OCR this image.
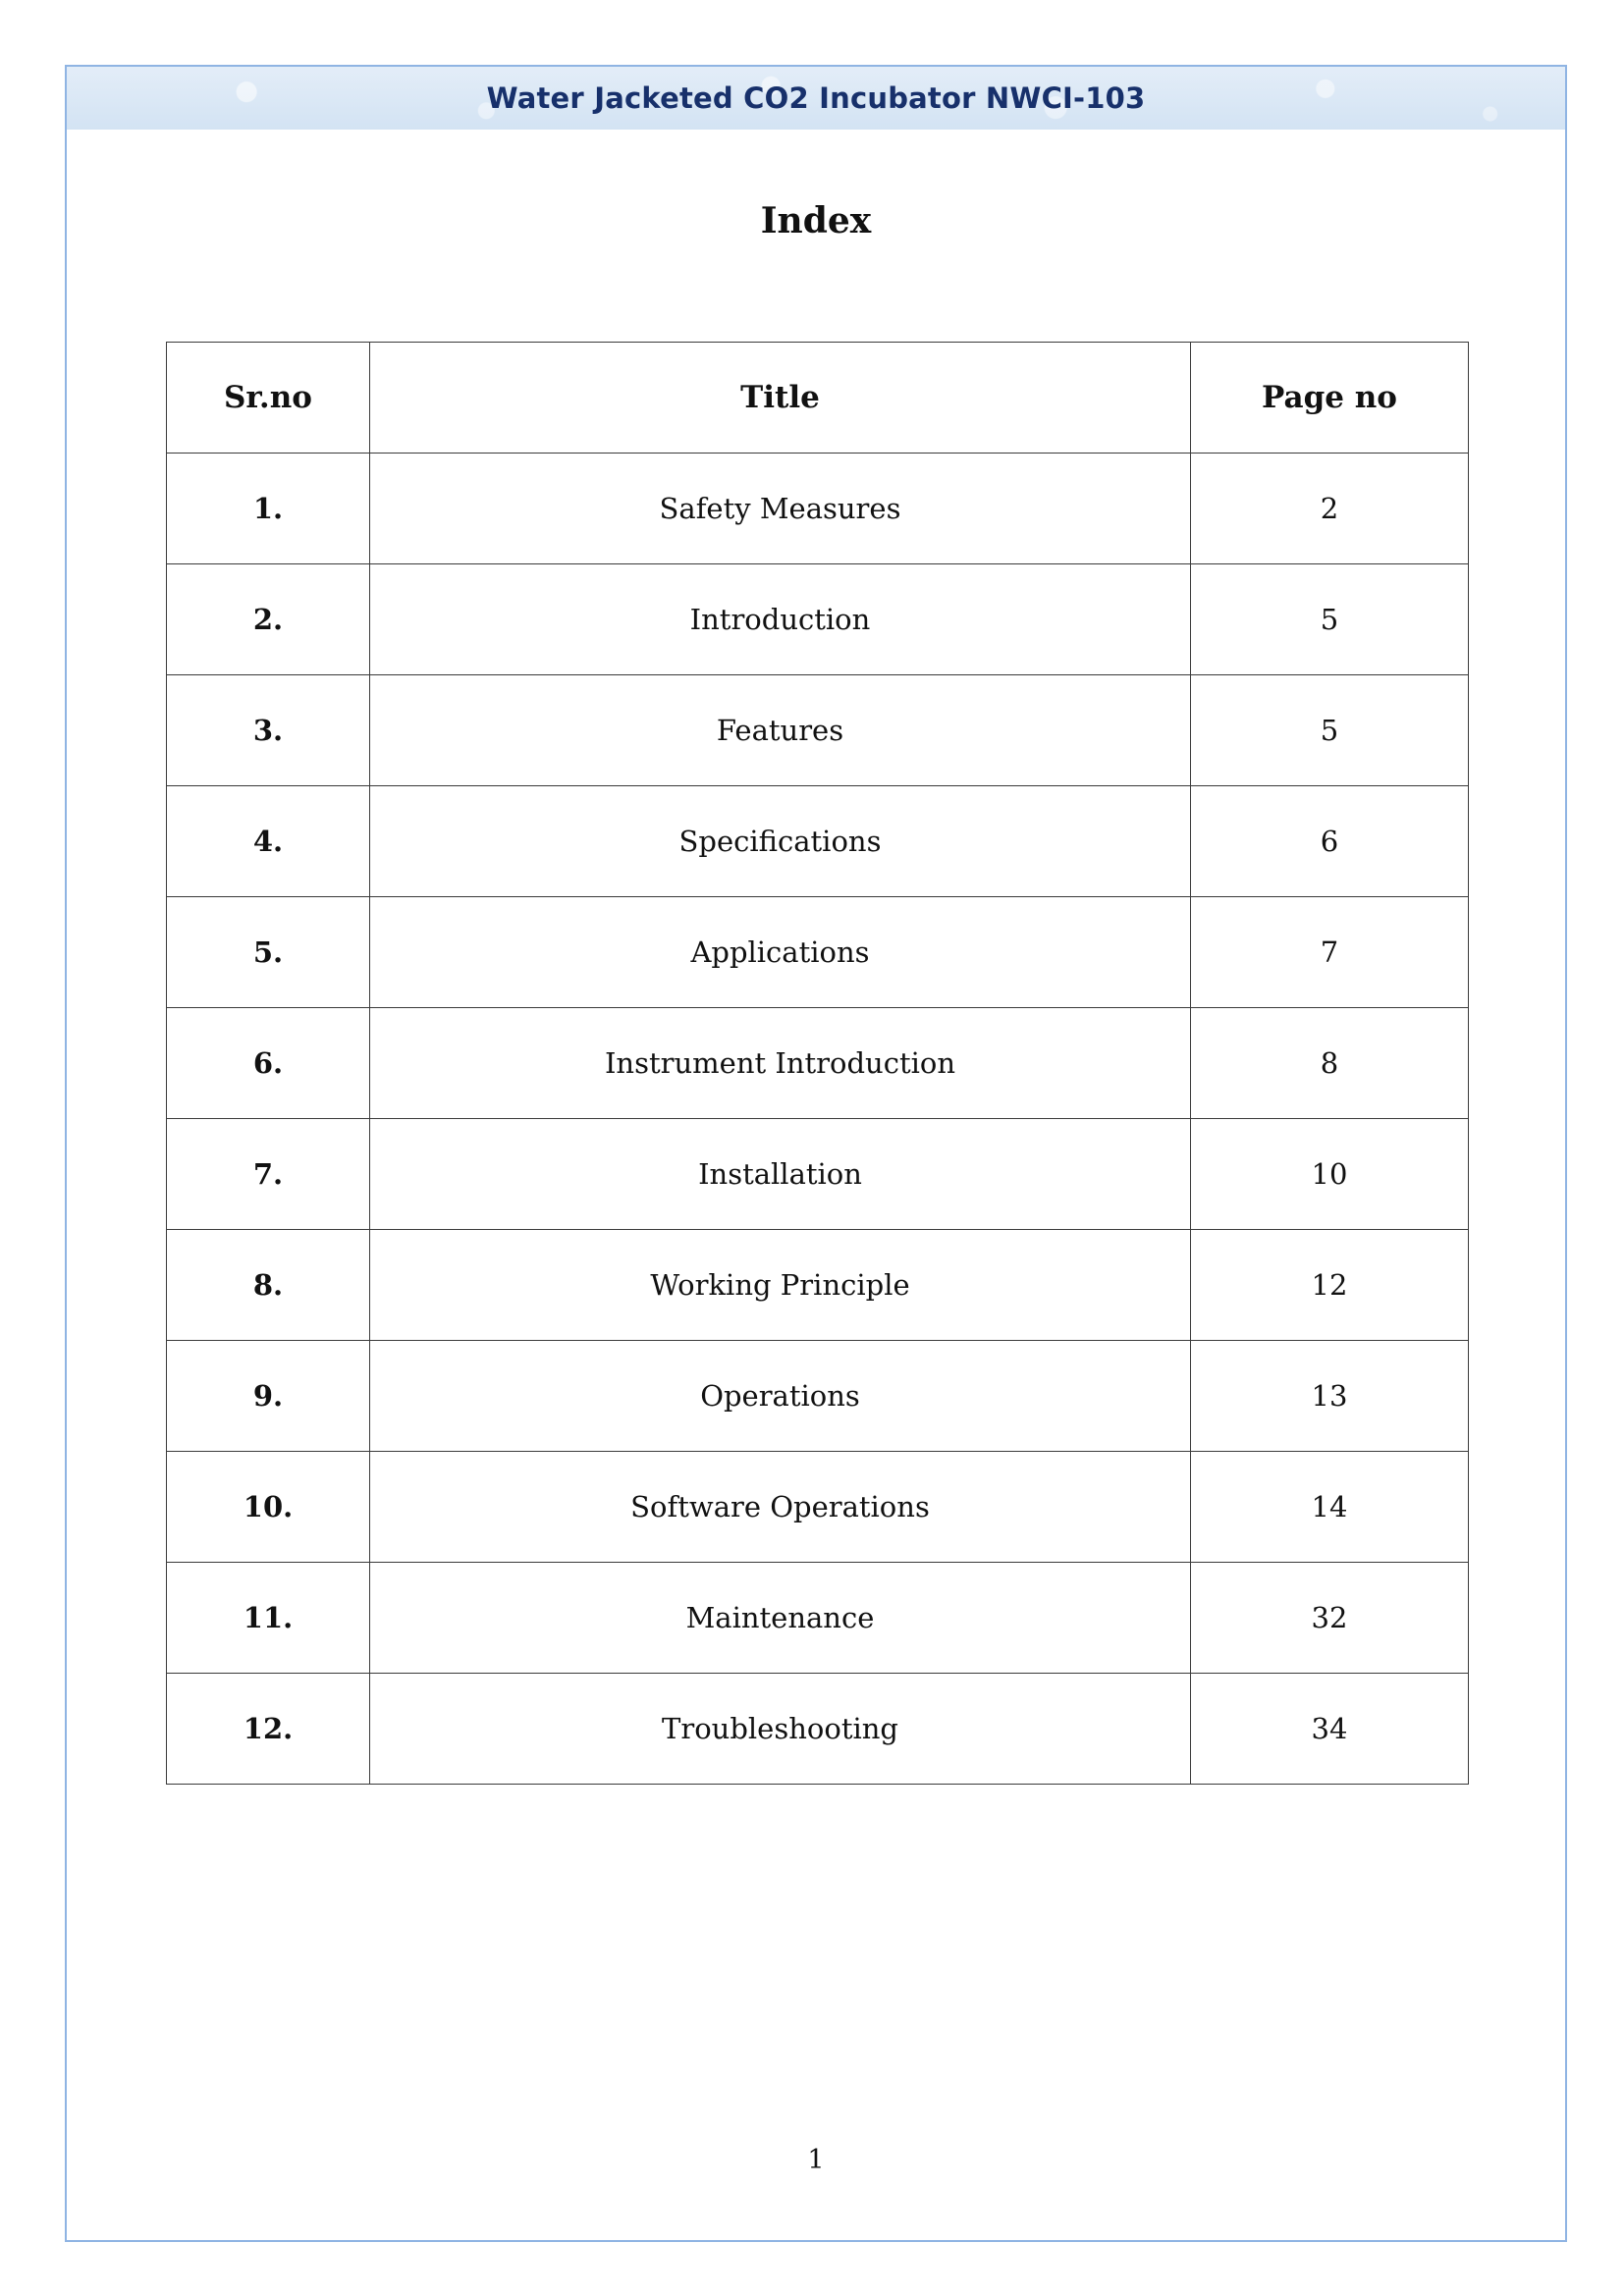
Water Jacketed CO2 Incubator NWCI-103
Index
Sr.no	Title	Page no
1.	Safety Measures	2
2.	Introduction	5
3.	Features	5
4.	Specifications	6
5.	Applications	7
6.	Instrument Introduction	8
7.	Installation	10
8.	Working Principle	12
9.	Operations	13
10.	Software Operations	14
11.	Maintenance	32
12.	Troubleshooting	34
1
